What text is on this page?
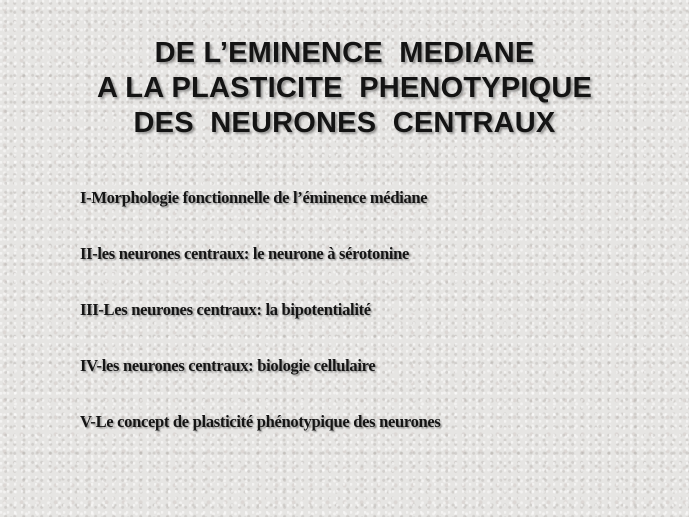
DE L’EMINENCE  MEDIANE
A LA PLASTICITE  PHENOTYPIQUE
DES  NEURONES  CENTRAUX
I-Morphologie fonctionnelle de l’éminence médiane
II-les neurones centraux: le neurone à sérotonine
III-Les neurones centraux: la bipotentialité
IV-les neurones centraux: biologie cellulaire
V-Le concept de plasticité phénotypique des neurones
